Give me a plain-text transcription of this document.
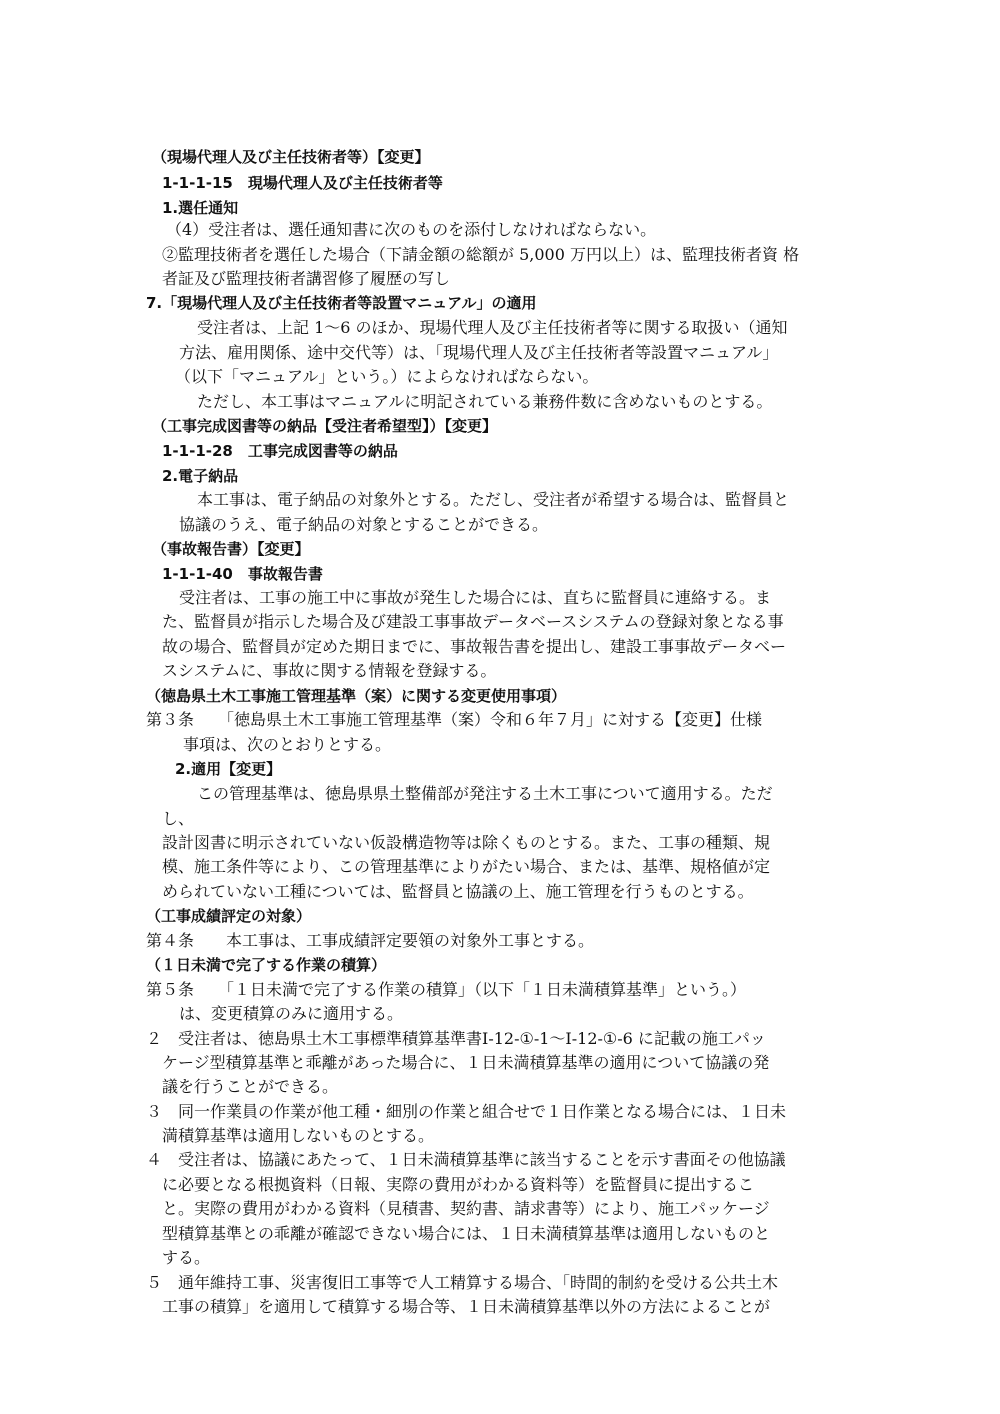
（現場代理人及び主任技術者等）【変更】
1-1-1-15　現場代理人及び主任技術者等
1.選任通知
（4）受注者は、選任通知書に次のものを添付しなければならない。
②監理技術者を選任した場合（下請金額の総額が 5,000 万円以上）は、監理技術者資 格
者証及び監理技術者講習修了履歴の写し
7.「現場代理人及び主任技術者等設置マニュアル」の適用
受注者は、上記 1〜6 のほか、現場代理人及び主任技術者等に関する取扱い（通知
方法、雇用関係、途中交代等）は、「現場代理人及び主任技術者等設置マニュアル」
（以下「マニュアル」という。）によらなければならない。
ただし、本工事はマニュアルに明記されている兼務件数に含めないものとする。
（工事完成図書等の納品【受注者希望型】）【変更】
1-1-1-28　工事完成図書等の納品
2.電子納品
本工事は、電子納品の対象外とする。ただし、受注者が希望する場合は、監督員と
協議のうえ、電子納品の対象とすることができる。
（事故報告書）【変更】
1-1-1-40　事故報告書
受注者は、工事の施工中に事故が発生した場合には、直ちに監督員に連絡する。ま
た、監督員が指示した場合及び建設工事事故データベースシステムの登録対象となる事
故の場合、監督員が定めた期日までに、事故報告書を提出し、建設工事事故データベー
スシステムに、事故に関する情報を登録する。
（徳島県土木工事施工管理基準（案）に関する変更使用事項）
第３条　　「徳島県土木工事施工管理基準（案）令和６年７月」に対する【変更】仕様
事項は、次のとおりとする。
2.適用【変更】
この管理基準は、徳島県県土整備部が発注する土木工事について適用する。ただ
し、
設計図書に明示されていない仮設構造物等は除くものとする。また、工事の種類、規
模、施工条件等により、この管理基準によりがたい場合、または、基準、規格値が定
められていない工種については、監督員と協議の上、施工管理を行うものとする。
（工事成績評定の対象）
第４条　　本工事は、工事成績評定要領の対象外工事とする。
（１日未満で完了する作業の積算）
第５条　　「１日未満で完了する作業の積算」（以下「１日未満積算基準」という。）
は、変更積算のみに適用する。
２　受注者は、徳島県土木工事標準積算基準書Ⅰ-12-①-1～Ⅰ-12-①-6 に記載の施工パッ
ケージ型積算基準と乖離があった場合に、１日未満積算基準の適用について協議の発
議を行うことができる。
３　同一作業員の作業が他工種・細別の作業と組合せで１日作業となる場合には、１日未
満積算基準は適用しないものとする。
４　受注者は、協議にあたって、１日未満積算基準に該当することを示す書面その他協議
に必要となる根拠資料（日報、実際の費用がわかる資料等）を監督員に提出するこ
と。実際の費用がわかる資料（見積書、契約書、請求書等）により、施工パッケージ
型積算基準との乖離が確認できない場合には、１日未満積算基準は適用しないものと
する。
５　通年維持工事、災害復旧工事等で人工精算する場合、「時間的制約を受ける公共土木
工事の積算」を適用して積算する場合等、１日未満積算基準以外の方法によることが
